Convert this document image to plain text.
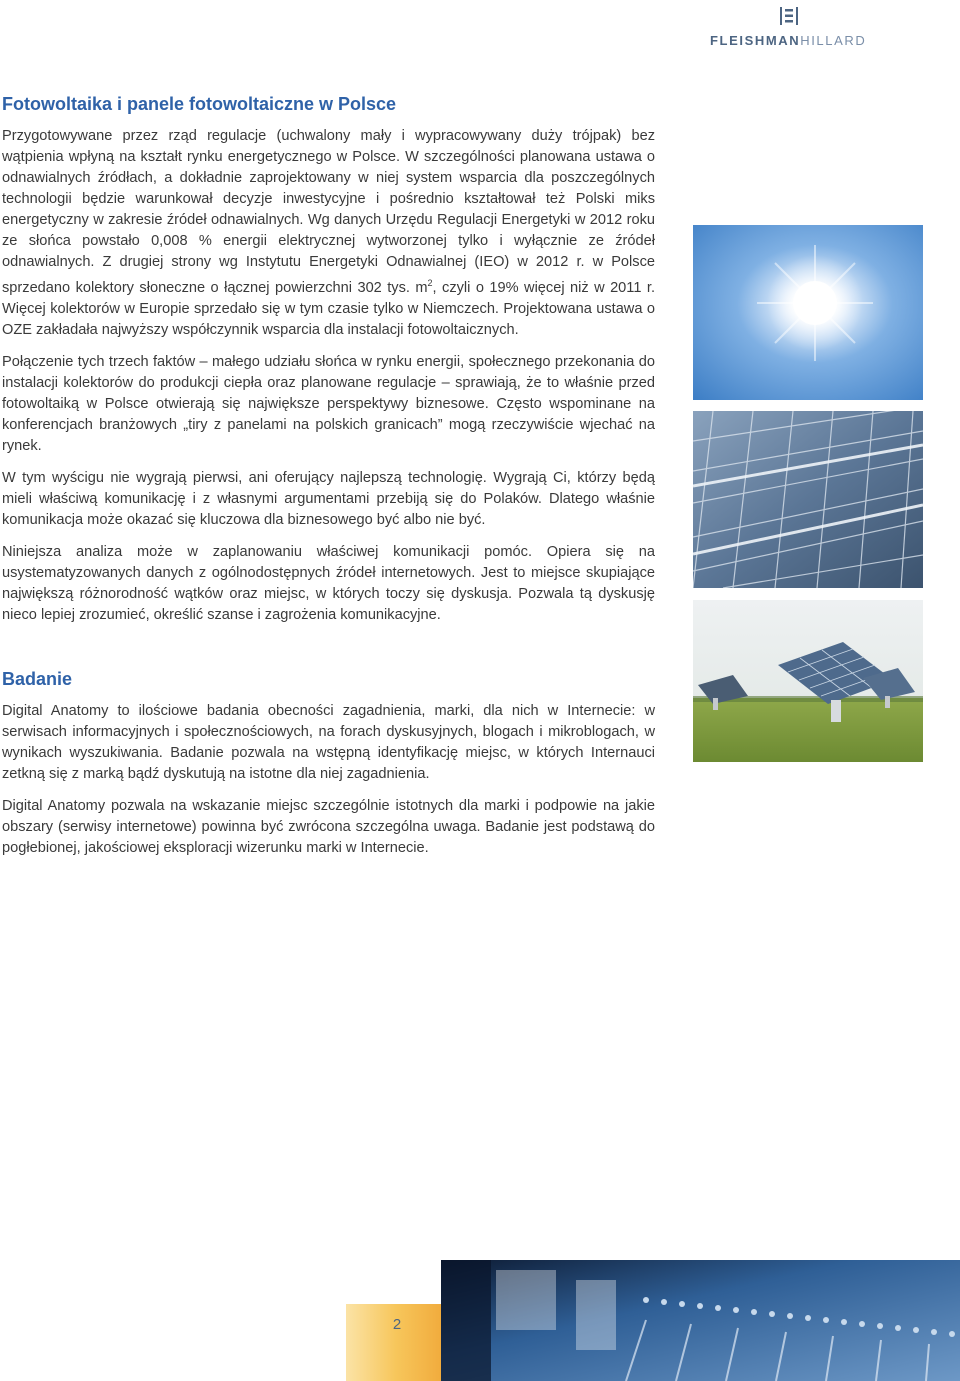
FLEISHMANHILLARD
Fotowoltaika i panele fotowoltaiczne w Polsce

Przygotowywane przez rząd regulacje (uchwalony mały i wypracowywany duży trójpak) bez wątpienia wpłyną na kształt rynku energetycznego w Polsce. W szczególności planowana ustawa o odnawialnych źródłach, a dokładnie zaprojektowany w niej system wsparcia dla poszczególnych technologii będzie warunkował decyzje inwestycyjne i pośrednio kształtował też Polski miks energetyczny w zakresie źródeł odnawialnych. Wg danych Urzędu Regulacji Energetyki w 2012 roku ze słońca powstało 0,008 % energii elektrycznej wytworzonej tylko i wyłącznie ze źródeł odnawialnych. Z drugiej strony wg Instytutu Energetyki Odnawialnej (IEO) w 2012 r. w Polsce sprzedano kolektory słoneczne o łącznej powierzchni 302 tys. $m^2$, czyli o 19% więcej niż w 2011 r. Więcej kolektorów w Europie sprzedało się w tym czasie tylko w Niemczech. Projektowana ustawa o OZE zakładała najwyższy współczynnik wsparcia dla instalacji fotowoltaicznych.

Połączenie tych trzech faktów – małego udziału słońca w rynku energii, społecznego przekonania do instalacji kolektorów do produkcji ciepła oraz planowane regulacje – sprawiają, że to właśnie przed fotowoltaiką w Polsce otwierają się największe perspektywy biznesowe. Często wspominane na konferencjach branżowych „tiry z panelami na polskich granicach” mogą rzeczywiście wjechać na rynek.

W tym wyścigu nie wygrają pierwsi, ani oferujący najlepszą technologię. Wygrają Ci, którzy będą mieli właściwą komunikację i z własnymi argumentami przebiją się do Polaków. Dlatego właśnie komunikacja może okazać się kluczowa dla biznesowego być albo nie być.

Niniejsza analiza może w zaplanowaniu właściwej komunikacji pomóc. Opiera się na usystematyzowanych danych z ogólnodostępnych źródeł internetowych. Jest to miejsce skupiające największą różnorodność wątków oraz miejsc, w których toczy się dyskusja. Pozwala tą dyskusję nieco lepiej zrozumieć, określić szanse i zagrożenia komunikacyjne.

Badanie

Digital Anatomy to ilościowe badania obecności zagadnienia, marki, dla nich w Internecie: w serwisach informacyjnych i społecznościowych, na forach dyskusyjnych, blogach i mikroblogach, w wynikach wyszukiwania. Badanie pozwala na wstępną identyfikację miejsc, w których Internauci zetkną się z marką bądź dyskutują na istotne dla niej zagadnienia.

Digital Anatomy pozwala na wskazanie miejsc szczególnie istotnych dla marki i podpowie na jakie obszary (serwisy internetowe) powinna być zwrócona szczególna uwaga. Badanie jest podstawą do pogłebionej, jakościowej eksploracji wizerunku marki w Internecie.

2
